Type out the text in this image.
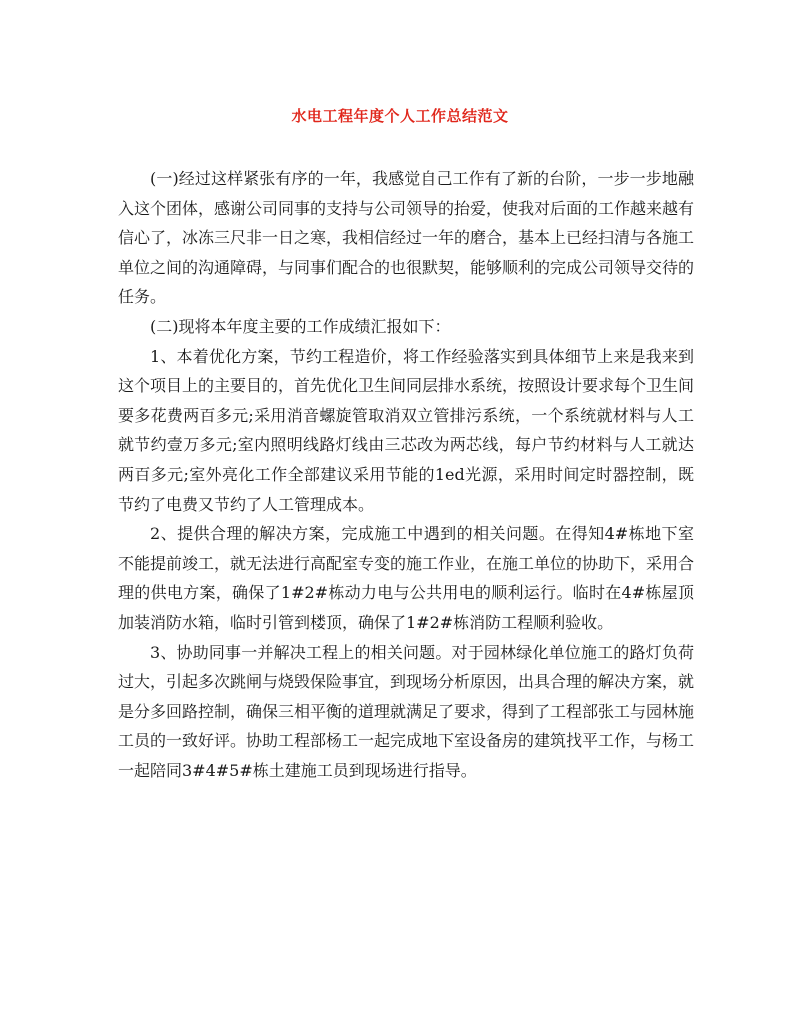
水电工程年度个人工作总结范文

(一)经过这样紧张有序的一年，我感觉自己工作有了新的台阶，一步一步地融入这个团体，感谢公司同事的支持与公司领导的抬爱，使我对后面的工作越来越有信心了，冰冻三尺非一日之寒，我相信经过一年的磨合，基本上已经扫清与各施工单位之间的沟通障碍，与同事们配合的也很默契，能够顺利的完成公司领导交待的任务。

(二)现将本年度主要的工作成绩汇报如下：

1、本着优化方案，节约工程造价，将工作经验落实到具体细节上来是我来到这个项目上的主要目的，首先优化卫生间同层排水系统，按照设计要求每个卫生间要多花费两百多元;采用消音螺旋管取消双立管排污系统，一个系统就材料与人工就节约壹万多元;室内照明线路灯线由三芯改为两芯线，每户节约材料与人工就达两百多元;室外亮化工作全部建议采用节能的1ed光源，采用时间定时器控制，既节约了电费又节约了人工管理成本。

2、提供合理的解决方案，完成施工中遇到的相关问题。在得知4#栋地下室不能提前竣工，就无法进行高配室专变的施工作业，在施工单位的协助下，采用合理的供电方案，确保了1#2#栋动力电与公共用电的顺利运行。临时在4#栋屋顶加装消防水箱，临时引管到楼顶，确保了1#2#栋消防工程顺利验收。

3、协助同事一并解决工程上的相关问题。对于园林绿化单位施工的路灯负荷过大，引起多次跳闸与烧毁保险事宜，到现场分析原因，出具合理的解决方案，就是分多回路控制，确保三相平衡的道理就满足了要求，得到了工程部张工与园林施工员的一致好评。协助工程部杨工一起完成地下室设备房的建筑找平工作，与杨工一起陪同3#4#5#栋土建施工员到现场进行指导。
